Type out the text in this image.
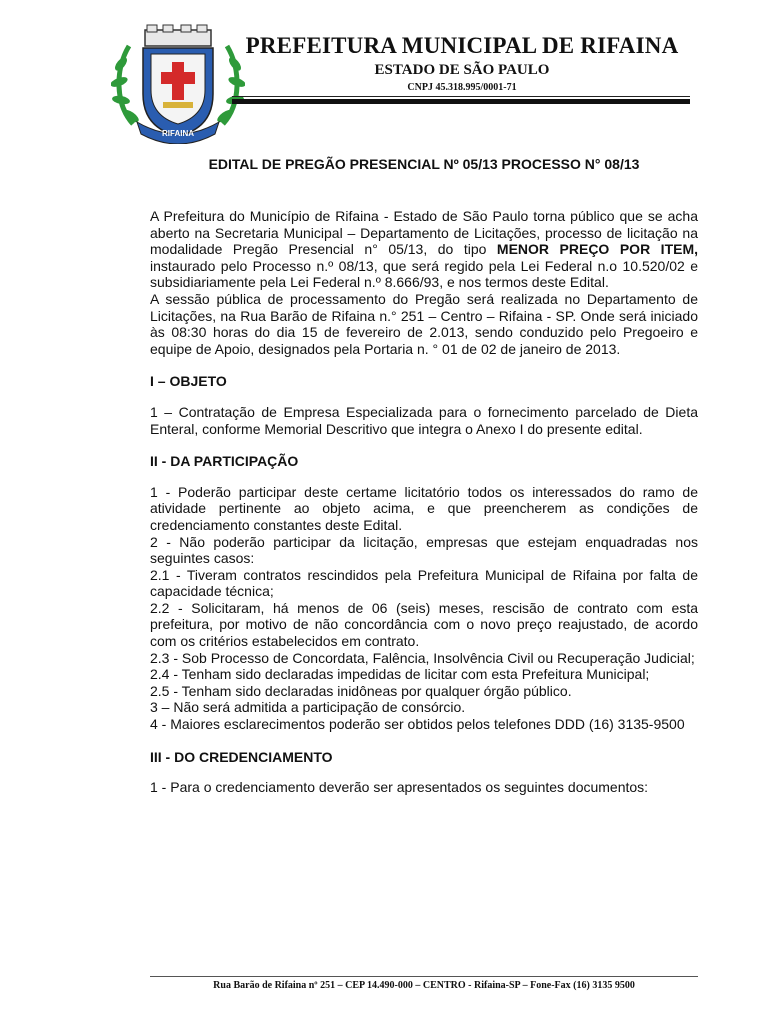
RIFAINA
PREFEITURA MUNICIPAL DE RIFAINA
ESTADO DE SÃO PAULO
CNPJ 45.318.995/0001-71
EDITAL DE PREGÃO PRESENCIAL Nº 05/13 PROCESSO N° 08/13

A Prefeitura do Município de Rifaina - Estado de São Paulo torna público que se acha aberto na Secretaria Municipal – Departamento de Licitações, processo de licitação na modalidade Pregão Presencial n° 05/13, do tipo MENOR PREÇO POR ITEM, instaurado pelo Processo n.º 08/13, que será regido pela Lei Federal n.o 10.520/02 e subsidiariamente pela Lei Federal n.º 8.666/93, e nos termos deste Edital.

A sessão pública de processamento do Pregão será realizada no Departamento de Licitações, na Rua Barão de Rifaina n.° 251 – Centro – Rifaina - SP. Onde será iniciado às 08:30 horas do dia 15 de fevereiro de 2.013, sendo conduzido pelo Pregoeiro e equipe de Apoio, designados pela Portaria n. ° 01 de 02 de janeiro de 2013.

I – OBJETO

1 – Contratação de Empresa Especializada para o fornecimento parcelado de Dieta Enteral, conforme Memorial Descritivo que integra o Anexo I do presente edital.

II - DA PARTICIPAÇÃO

1 - Poderão participar deste certame licitatório todos os interessados do ramo de atividade pertinente ao objeto acima, e que preencherem as condições de credenciamento constantes deste Edital.

2 - Não poderão participar da licitação, empresas que estejam enquadradas nos seguintes casos:

2.1 - Tiveram contratos rescindidos pela Prefeitura Municipal de Rifaina por falta de capacidade técnica;

2.2 - Solicitaram, há menos de 06 (seis) meses, rescisão de contrato com esta prefeitura, por motivo de não concordância com o novo preço reajustado, de acordo com os critérios estabelecidos em contrato.

2.3 - Sob Processo de Concordata, Falência, Insolvência Civil ou Recuperação Judicial;

2.4 - Tenham sido declaradas impedidas de licitar com esta Prefeitura Municipal;

2.5 - Tenham sido declaradas inidôneas por qualquer órgão público.

3 – Não será admitida a participação de consórcio.

4 - Maiores esclarecimentos poderão ser obtidos pelos telefones DDD (16) 3135-9500

III - DO CREDENCIAMENTO

1 - Para o credenciamento deverão ser apresentados os seguintes documentos:

Rua Barão de Rifaina nº 251 – CEP 14.490-000 – CENTRO - Rifaina-SP – Fone-Fax (16) 3135 9500
